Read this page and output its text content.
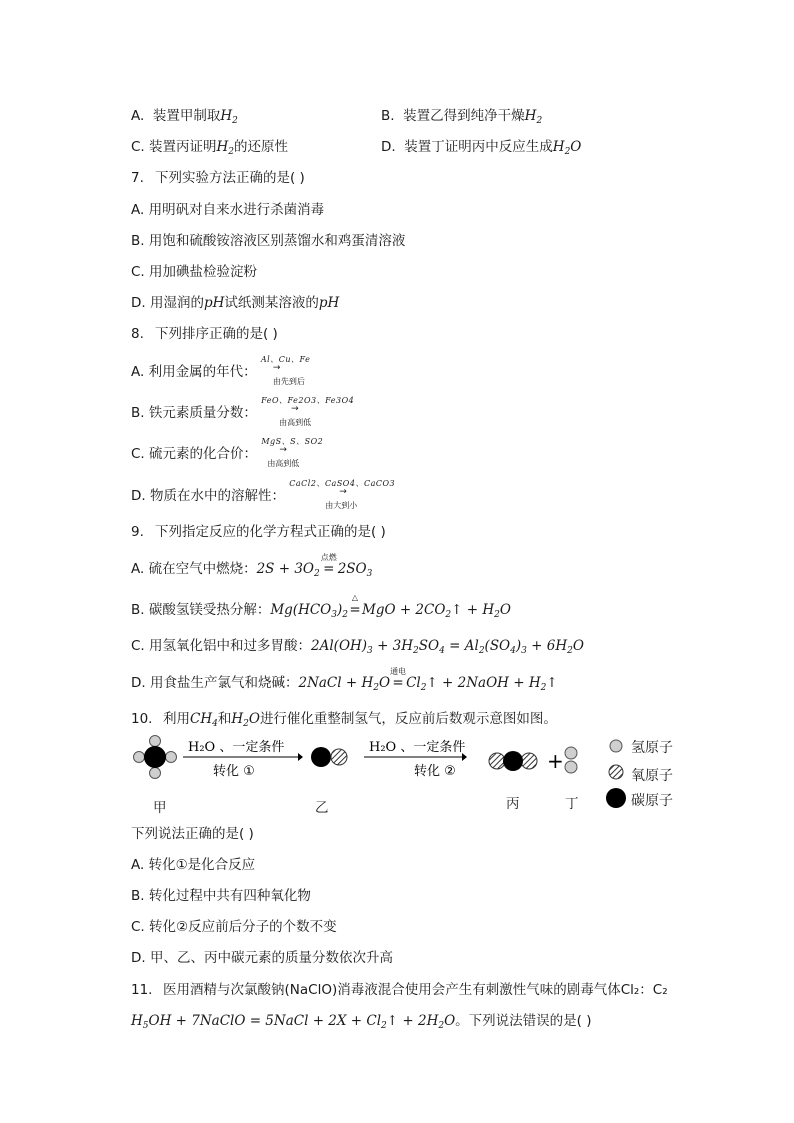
A. 装置甲制取$H_2$	B. 装置乙得到纯净干燥$H_2$
C. 装置丙证明$H_2$的还原性	D. 装置丁证明丙中反应生成$H_2O$
7. 下列实验方法正确的是( )
A. 用明矾对自来水进行杀菌消毒
B. 用饱和硫酸铵溶液区别蒸馏水和鸡蛋清溶液
C. 用加碘盐检验淀粉
D. 用湿润的pH试纸测某溶液的pH
8. 下列排序正确的是( )
A. 利用金属的年代：
Al、Cu、Fe
→
由先到后
B. 铁元素质量分数：
FeO、Fe2O3、Fe3O4
→
由高到低
C. 硫元素的化合价：
MgS、S、SO2
→
由高到低
D. 物质在水中的溶解性：
CaCl2、CaSO4、CaCO3
→
由大到小
9. 下列指定反应的化学方程式正确的是( )
A. 硫在空气中燃烧：$2S + 3O_2$ =
点燃
$2SO_3$
B. 碳酸氢镁受热分解：$Mg(HCO_3)_2=$
△
MgO + $2CO_2↑ + H_2O$
C. 用氢氧化铝中和过多胃酸：$2Al(OH)_3 + 3H_2SO_4 = Al_2(SO_4)_3 + 6H_2O$
D. 用食盐生产氯气和烧碱：2NaCl + $H_2O$ =
通电
$Cl_2↑$ + 2NaOH + $H_2↑$
10. 利用$CH_4$和$H_2O$进行催化重整制氢气，反应前后数观示意图如图。
H₂O 、一定条件
转化 ①
H₂O 、一定条件
转化 ②	+
氢原子
氧原子
碳原子
甲	乙	丙	丁
下列说法正确的是( )
A. 转化①是化合反应
B. 转化过程中共有四种氧化物
C. 转化②反应前后分子的个数不变
D. 甲、乙、丙中碳元素的质量分数依次升高
11. 医用酒精与次氯酸钠(NaClO)消毒液混合使用会产生有刺激性气味的剧毒气体Cl₂：C₂
$H_5OH$ + 7NaClO = 5NaCl + $2X + Cl_2↑ + 2H_2O$。下列说法错误的是( )
